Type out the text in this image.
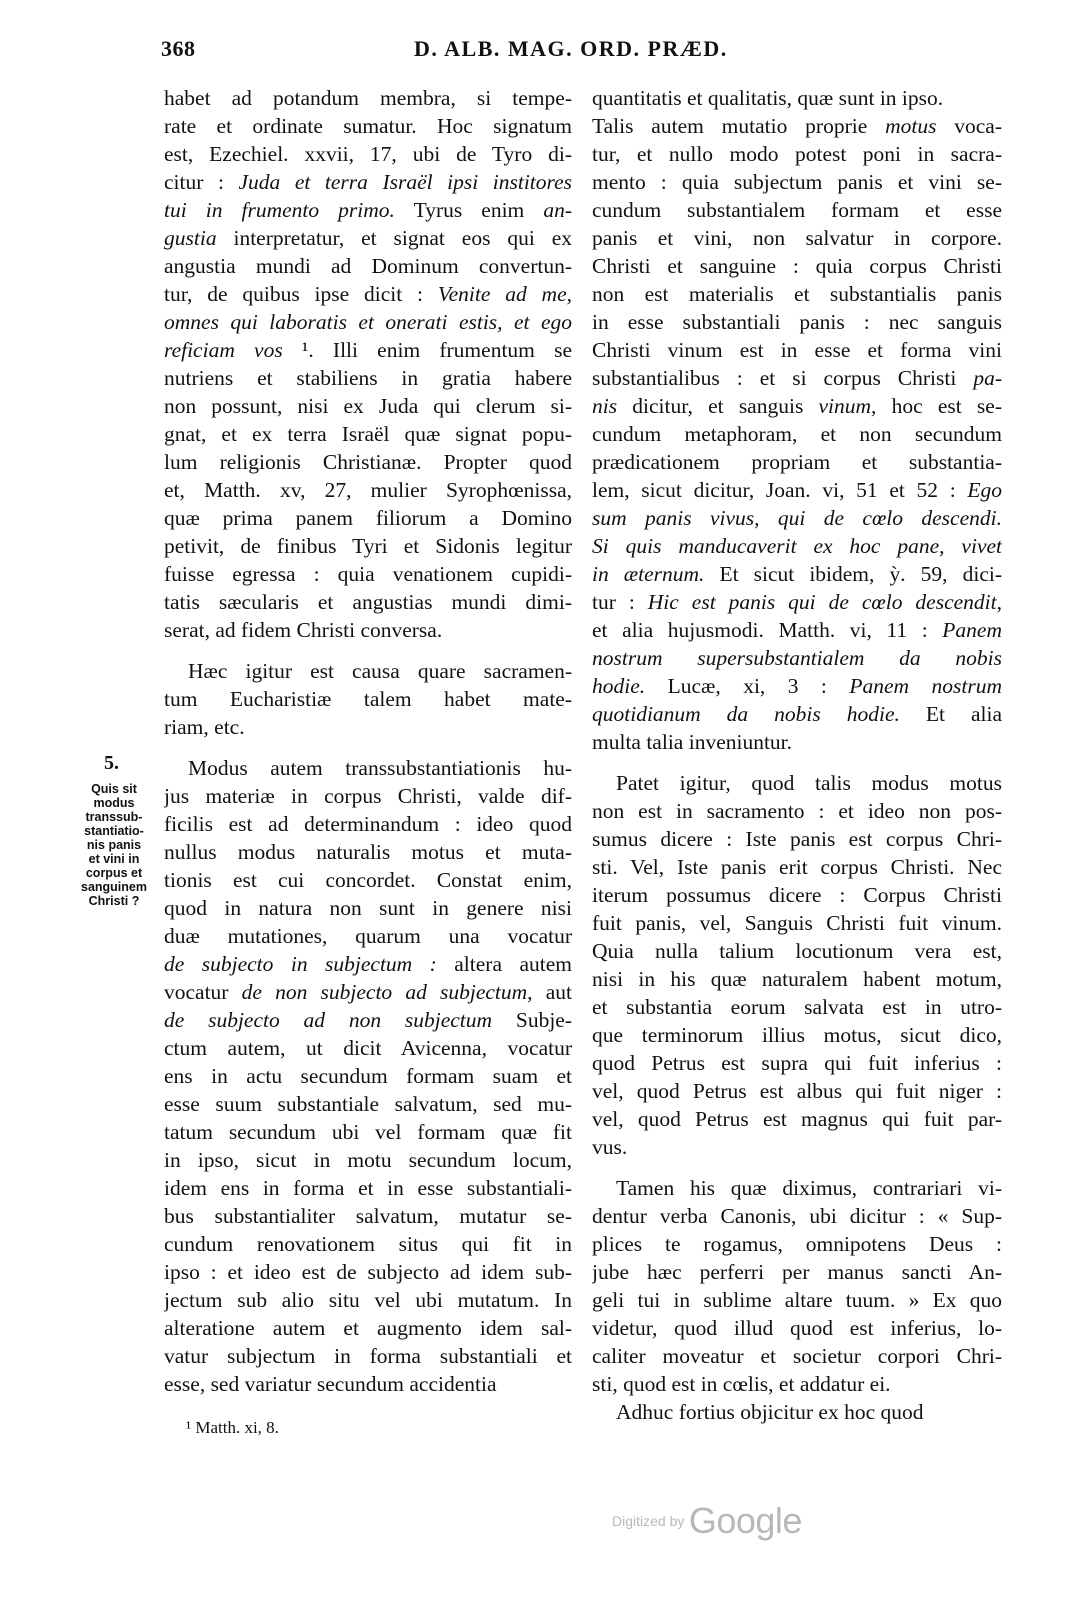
368	D. ALB. MAG. ORD. PRÆD.
5.
Quis sit
modus
transsub-
stantiatio-
nis panis
et vini in
corpus et
sanguinem
Christi ?
habet ad potandum membra, si tempe-
rate et ordinate sumatur. Hoc signatum
est, Ezechiel. xxvii, 17, ubi de Tyro di-
citur : Juda et terra Israël ipsi institores
tui in frumento primo. Tyrus enim an-
gustia interpretatur, et signat eos qui ex
angustia mundi ad Dominum convertun-
tur, de quibus ipse dicit : Venite ad me,
omnes qui laboratis et onerati estis, et ego
reficiam vos ¹. Illi enim frumentum se
nutriens et stabiliens in gratia habere
non possunt, nisi ex Juda qui clerum si-
gnat, et ex terra Israël quæ signat popu-
lum religionis Christianæ. Propter quod
et, Matth. xv, 27, mulier Syrophœnissa,
quæ prima panem filiorum a Domino
petivit, de finibus Tyri et Sidonis legitur
fuisse egressa : quia venationem cupidi-
tatis sæcularis et angustias mundi dimi-
serat, ad fidem Christi conversa.
Hæc igitur est causa quare sacramen-
tum Eucharistiæ talem habet mate-
riam, etc.
Modus autem transsubstantiationis hu-
jus materiæ in corpus Christi, valde dif-
ficilis est ad determinandum : ideo quod
nullus modus naturalis motus et muta-
tionis est cui concordet. Constat enim,
quod in natura non sunt in genere nisi
duæ mutationes, quarum una vocatur
de subjecto in subjectum : altera autem
vocatur de non subjecto ad subjectum, aut
de subjecto ad non subjectum Subje-
ctum autem, ut dicit Avicenna, vocatur
ens in actu secundum formam suam et
esse suum substantiale salvatum, sed mu-
tatum secundum ubi vel formam quæ fit
in ipso, sicut in motu secundum locum,
idem ens in forma et in esse substantiali-
bus substantialiter salvatum, mutatur se-
cundum renovationem situs qui fit in
ipso : et ideo est de subjecto ad idem sub-
jectum sub alio situ vel ubi mutatum. In
alteratione autem et augmento idem sal-
vatur subjectum in forma substantiali et
esse, sed variatur secundum accidentia
quantitatis et qualitatis, quæ sunt in ipso.
Talis autem mutatio proprie motus voca-
tur, et nullo modo potest poni in sacra-
mento : quia subjectum panis et vini se-
cundum substantialem formam et esse
panis et vini, non salvatur in corpore.
Christi et sanguine : quia corpus Christi
non est materialis et substantialis panis
in esse substantiali panis : nec sanguis
Christi vinum est in esse et forma vini
substantialibus : et si corpus Christi pa-
nis dicitur, et sanguis vinum, hoc est se-
cundum metaphoram, et non secundum
prædicationem propriam et substantia-
lem, sicut dicitur, Joan. vi, 51 et 52 : Ego
sum panis vivus, qui de cœlo descendi.
Si quis manducaverit ex hoc pane, vivet
in æternum. Et sicut ibidem, ỳ. 59, dici-
tur : Hic est panis qui de cœlo descendit,
et alia hujusmodi. Matth. vi, 11 : Panem
nostrum supersubstantialem da nobis
hodie. Lucæ, xi, 3 : Panem nostrum
quotidianum da nobis hodie. Et alia
multa talia inveniuntur.
Patet igitur, quod talis modus motus
non est in sacramento : et ideo non pos-
sumus dicere : Iste panis est corpus Chri-
sti. Vel, Iste panis erit corpus Christi. Nec
iterum possumus dicere : Corpus Christi
fuit panis, vel, Sanguis Christi fuit vinum.
Quia nulla talium locutionum vera est,
nisi in his quæ naturalem habent motum,
et substantia eorum salvata est in utro-
que terminorum illius motus, sicut dico,
quod Petrus est supra qui fuit inferius :
vel, quod Petrus est albus qui fuit niger :
vel, quod Petrus est magnus qui fuit par-
vus.
Tamen his quæ diximus, contrariari vi-
dentur verba Canonis, ubi dicitur : « Sup-
plices te rogamus, omnipotens Deus :
jube hæc perferri per manus sancti An-
geli tui in sublime altare tuum. » Ex quo
videtur, quod illud quod est inferius, lo-
caliter moveatur et societur corpori Chri-
sti, quod est in cœlis, et addatur ei.
Adhuc fortius objicitur ex hoc quod
¹ Matth. xi, 8.
Digitized by Google
